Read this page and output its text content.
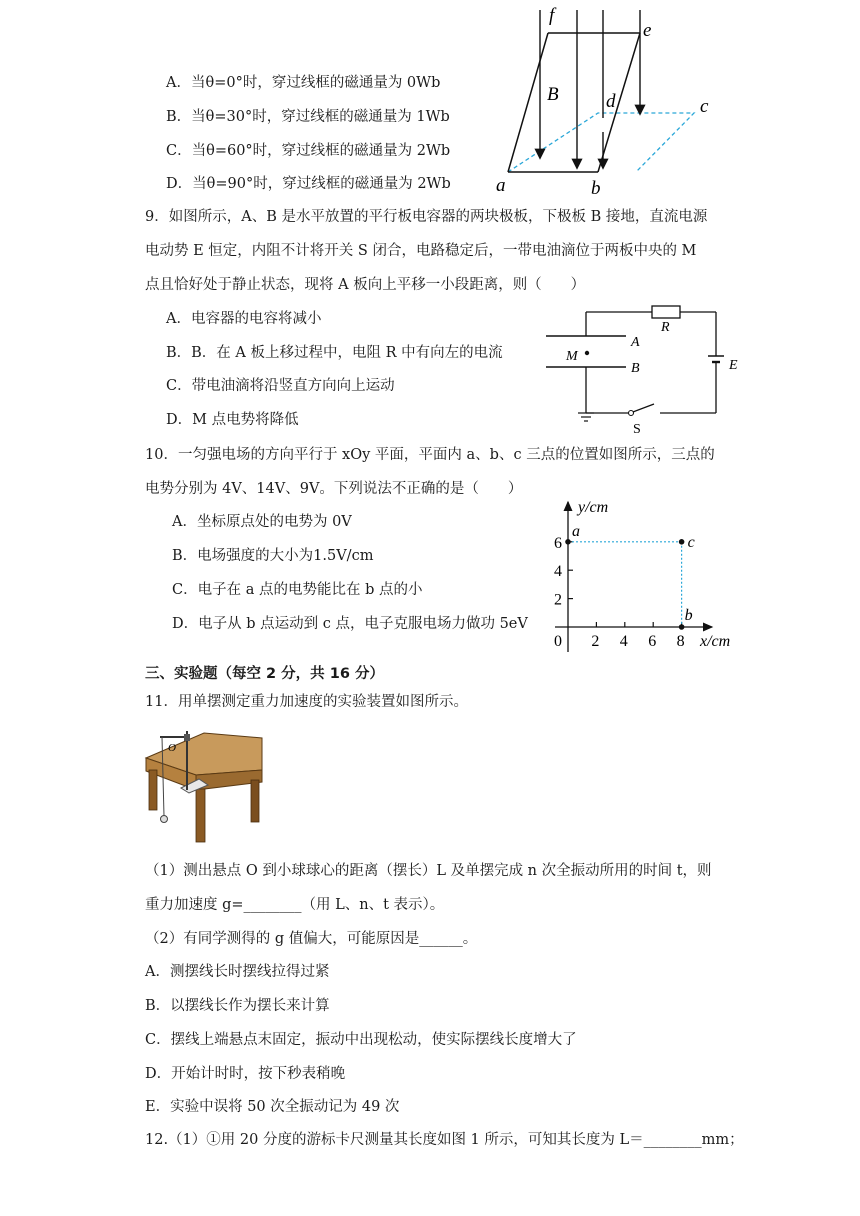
A．当θ=0°时，穿过线框的磁通量为 0Wb
B．当θ=30°时，穿过线框的磁通量为 1Wb
C．当θ=60°时，穿过线框的磁通量为 2Wb
D．当θ=90°时，穿过线框的磁通量为 2Wb
f
e
B d	c
a	b
9．如图所示，A、B 是水平放置的平行板电容器的两块极板，下极板 B 接地，直流电源
电动势 E 恒定，内阻不计将开关 S 闭合，电路稳定后，一带电油滴位于两板中央的 M
点且恰好处于静止状态，现将 A 板向上平移一小段距离，则（　　）
A．电容器的电容将减小
B．B．在 A 板上移过程中，电阻 R 中有向左的电流
C．带电油滴将沿竖直方向向上运动
D．M 点电势将降低
R
A
B
M
E
S
10．一匀强电场的方向平行于 xOy 平面，平面内 a、b、c 三点的位置如图所示，三点的
电势分别为 4V、14V、9V。下列说法不正确的是（　　）
A．坐标原点处的电势为 0V
B．电场强度的大小为1.5V/cm
C．电子在 a 点的电势能比在 b 点的小
D．电子从 b 点运动到 c 点，电子克服电场力做功 5eV
y/cm
x/cm
0 2 4 6 8
2
4
6
a
c
b
三、实验题（每空 2 分，共 16 分）
11．用单摆测定重力加速度的实验装置如图所示。
O
（1）测出悬点 O 到小球球心的距离（摆长）L 及单摆完成 n 次全振动所用的时间 t，则
重力加速度 g=________（用 L、n、t 表示）。
（2）有同学测得的 g 值偏大，可能原因是______。
A．测摆线长时摆线拉得过紧
B．以摆线长作为摆长来计算
C．摆线上端悬点末固定，振动中出现松动，使实际摆线长度增大了
D．开始计时时，按下秒表稍晚
E．实验中误将 50 次全振动记为 49 次
12.（1）①用 20 分度的游标卡尺测量其长度如图 1 所示，可知其长度为 L＝________mm；
